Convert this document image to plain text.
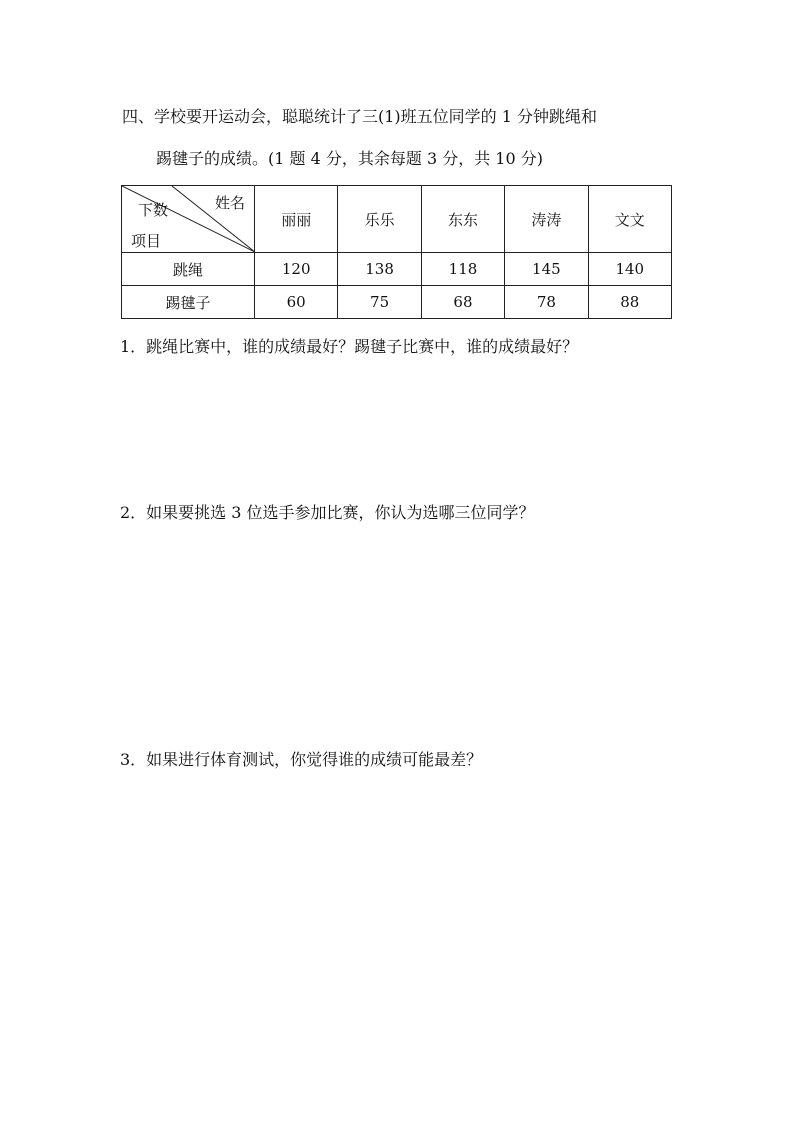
四、学校要开运动会，聪聪统计了三(1)班五位同学的 1 分钟跳绳和
踢毽子的成绩。(1 题 4 分，其余每题 3 分，共 10 分)
姓名
下数
项目	丽丽	乐乐	东东	涛涛	文文
跳绳	120	138	118	145	140
踢毽子	60	75	68	78	88
1．跳绳比赛中，谁的成绩最好？踢毽子比赛中，谁的成绩最好？
2．如果要挑选 3 位选手参加比赛，你认为选哪三位同学？
3．如果进行体育测试，你觉得谁的成绩可能最差？
